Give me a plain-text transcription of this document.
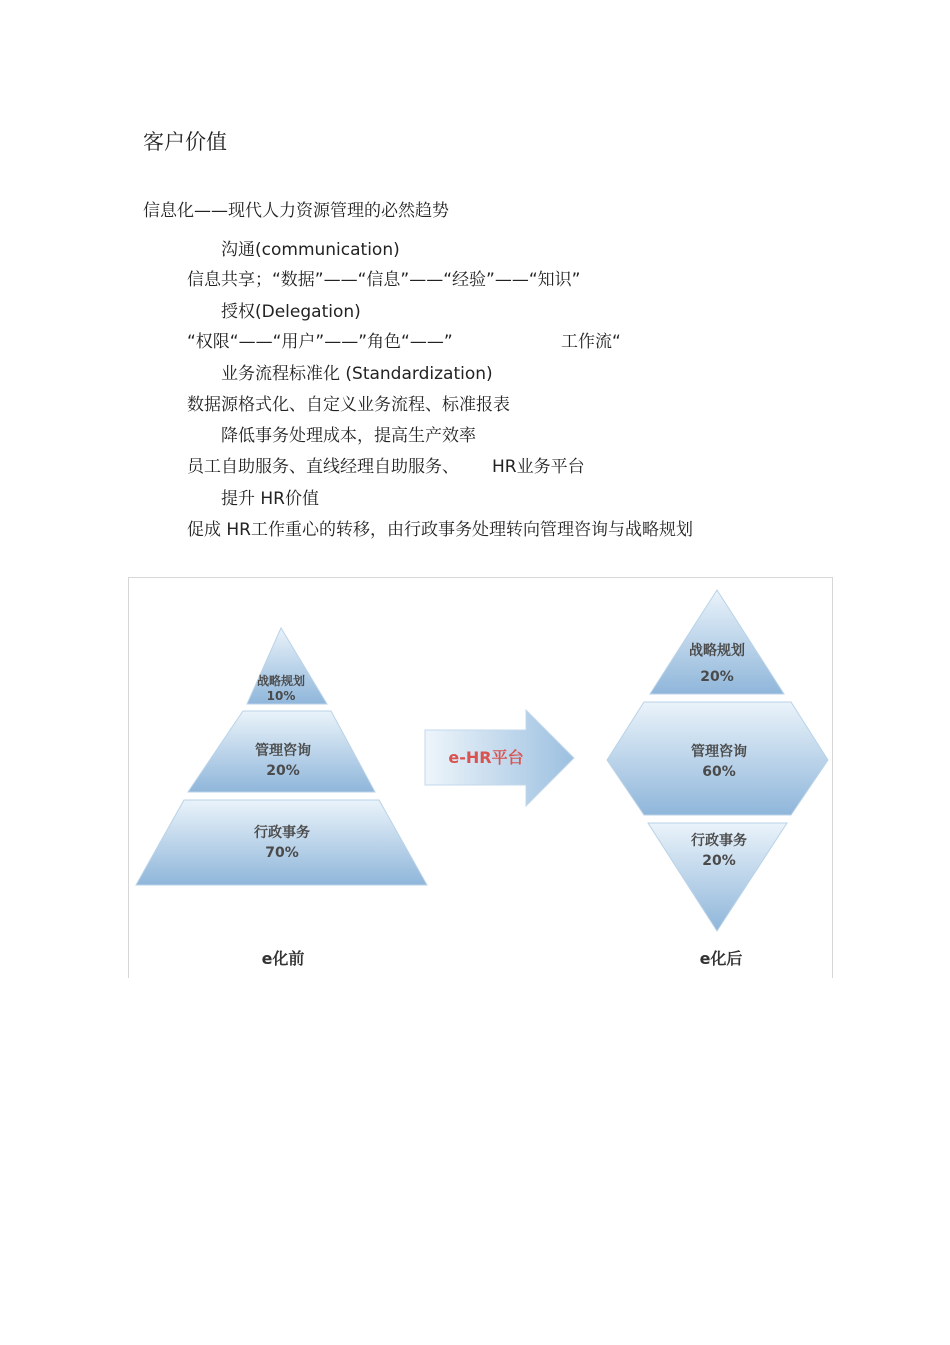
客户价值
信息化——现代人力资源管理的必然趋势
沟通(communication)
信息共享；“数据”——“信息”——“经验”——“知识”
授权(Delegation)
“权限“——“用户”——”角色“——”	工作流“
业务流程标准化 (Standardization)
数据源格式化、自定义业务流程、标准报表
降低事务处理成本，提高生产效率
员工自助服务、直线经理自助服务、 HR业务平台
提升 HR价值
促成 HR工作重心的转移，由行政事务处理转向管理咨询与战略规划
战略规划
10%
管理咨询
20%
行政事务
70%
e-HR平台
战略规划
20%
管理咨询
60%
行政事务
20%
e化前	e化后
